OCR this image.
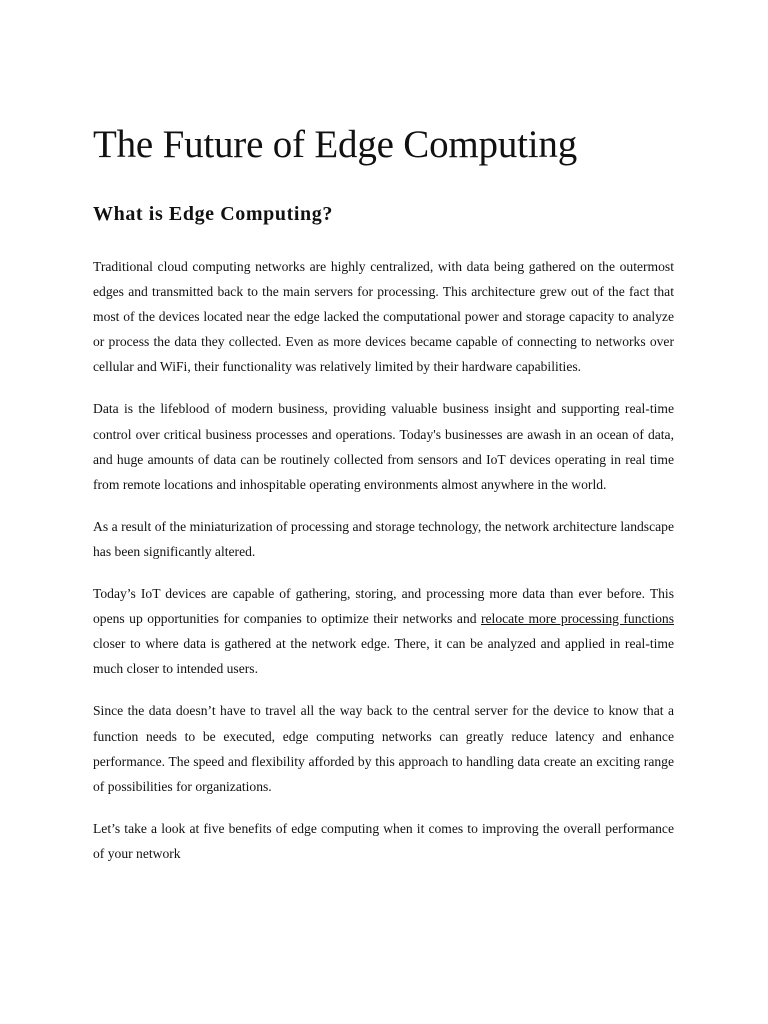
The Future of Edge Computing
What is Edge Computing?

Traditional cloud computing networks are highly centralized, with data being gathered on the outermost edges and transmitted back to the main servers for processing. This architecture grew out of the fact that most of the devices located near the edge lacked the computational power and storage capacity to analyze or process the data they collected. Even as more devices became capable of connecting to networks over cellular and WiFi, their functionality was relatively limited by their hardware capabilities.

Data is the lifeblood of modern business, providing valuable business insight and supporting real-time control over critical business processes and operations. Today's businesses are awash in an ocean of data, and huge amounts of data can be routinely collected from sensors and IoT devices operating in real time from remote locations and inhospitable operating environments almost anywhere in the world.

As a result of the miniaturization of processing and storage technology, the network architecture landscape has been significantly altered.

Today’s IoT devices are capable of gathering, storing, and processing more data than ever before. This opens up opportunities for companies to optimize their networks and relocate more processing functions closer to where data is gathered at the network edge. There, it can be analyzed and applied in real-time much closer to intended users.

Since the data doesn’t have to travel all the way back to the central server for the device to know that a function needs to be executed, edge computing networks can greatly reduce latency and enhance performance. The speed and flexibility afforded by this approach to handling data create an exciting range of possibilities for organizations.

Let’s take a look at five benefits of edge computing when it comes to improving the overall performance of your network
